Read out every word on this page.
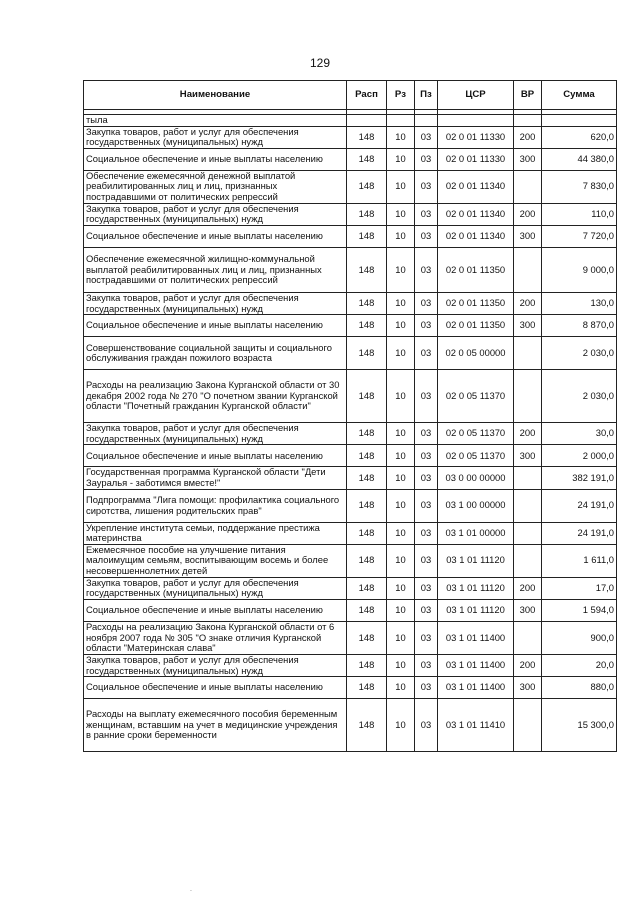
129
Наименование	Расп	Рз	Пз	ЦСР	ВР	Сумма

тыла						
Закупка товаров, работ и услуг для обеспечения государственных (муниципальных) нужд	148	10	03	02 0 01 11330	200	620,0
Социальное обеспечение и иные выплаты населению	148	10	03	02 0 01 11330	300	44 380,0
Обеспечение ежемесячной денежной выплатой реабилитированных лиц и лиц, признанных пострадавшими от политических репрессий	148	10	03	02 0 01 11340		7 830,0
Закупка товаров, работ и услуг для обеспечения государственных (муниципальных) нужд	148	10	03	02 0 01 11340	200	110,0
Социальное обеспечение и иные выплаты населению	148	10	03	02 0 01 11340	300	7 720,0
Обеспечение ежемесячной жилищно-коммунальной выплатой реабилитированных лиц и лиц, признанных пострадавшими от политических репрессий	148	10	03	02 0 01 11350		9 000,0
Закупка товаров, работ и услуг для обеспечения государственных (муниципальных) нужд	148	10	03	02 0 01 11350	200	130,0
Социальное обеспечение и иные выплаты населению	148	10	03	02 0 01 11350	300	8 870,0
Совершенствование социальной защиты и социального обслуживания граждан пожилого возраста	148	10	03	02 0 05 00000		2 030,0
Расходы на реализацию Закона Курганской области от 30 декабря 2002 года № 270 "О почетном звании Курганской области "Почетный гражданин Курганской области"	148	10	03	02 0 05 11370		2 030,0
Закупка товаров, работ и услуг для обеспечения государственных (муниципальных) нужд	148	10	03	02 0 05 11370	200	30,0
Социальное обеспечение и иные выплаты населению	148	10	03	02 0 05 11370	300	2 000,0
Государственная программа Курганской области "Дети Зауралья - заботимся вместе!"	148	10	03	03 0 00 00000		382 191,0
Подпрограмма "Лига помощи: профилактика социального сиротства, лишения родительских прав"	148	10	03	03 1 00 00000		24 191,0
Укрепление института семьи, поддержание престижа материнства	148	10	03	03 1 01 00000		24 191,0
Ежемесячное пособие на улучшение питания малоимущим семьям, воспитывающим восемь и более несовершеннолетних детей	148	10	03	03 1 01 11120		1 611,0
Закупка товаров, работ и услуг для обеспечения государственных (муниципальных) нужд	148	10	03	03 1 01 11120	200	17,0
Социальное обеспечение и иные выплаты населению	148	10	03	03 1 01 11120	300	1 594,0
Расходы на реализацию Закона Курганской области от 6 ноября 2007 года № 305 "О знаке отличия Курганской области "Материнская слава"	148	10	03	03 1 01 11400		900,0
Закупка товаров, работ и услуг для обеспечения государственных (муниципальных) нужд	148	10	03	03 1 01 11400	200	20,0
Социальное обеспечение и иные выплаты населению	148	10	03	03 1 01 11400	300	880,0
Расходы на выплату ежемесячного пособия беременным женщинам, вставшим на учет в медицинские учреждения в ранние сроки беременности	148	10	03	03 1 01 11410		15 300,0
.
